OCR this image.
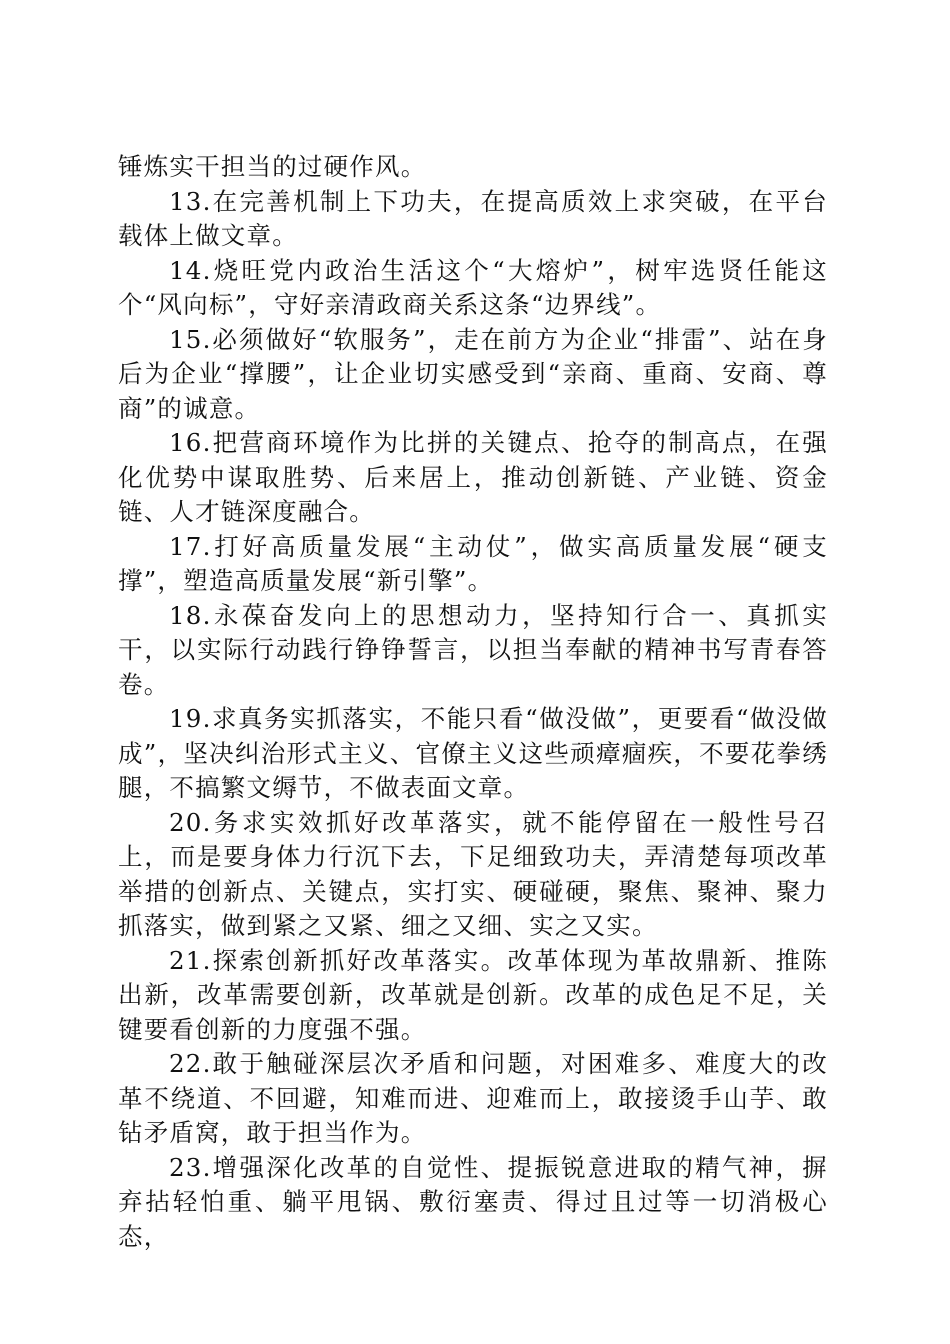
锤炼实干担当的过硬作风。

13.在完善机制上下功夫，在提高质效上求突破，在平台载体上做文章。

14.烧旺党内政治生活这个“大熔炉”，树牢选贤任能这个“风向标”，守好亲清政商关系这条“边界线”。

15.必须做好“软服务”，走在前方为企业“排雷”、站在身后为企业“撑腰”，让企业切实感受到“亲商、重商、安商、尊商”的诚意。

16.把营商环境作为比拼的关键点、抢夺的制高点，在强化优势中谋取胜势、后来居上，推动创新链、产业链、资金链、人才链深度融合。

17.打好高质量发展“主动仗”，做实高质量发展“硬支撑”，塑造高质量发展“新引擎”。

18.永葆奋发向上的思想动力，坚持知行合一、真抓实干，以实际行动践行铮铮誓言，以担当奉献的精神书写青春答卷。

19.求真务实抓落实，不能只看“做没做”，更要看“做没做成”，坚决纠治形式主义、官僚主义这些顽瘴痼疾，不要花拳绣腿，不搞繁文缛节，不做表面文章。

20.务求实效抓好改革落实，就不能停留在一般性号召上，而是要身体力行沉下去，下足细致功夫，弄清楚每项改革举措的创新点、关键点，实打实、硬碰硬，聚焦、聚神、聚力抓落实，做到紧之又紧、细之又细、实之又实。

21.探索创新抓好改革落实。改革体现为革故鼎新、推陈出新，改革需要创新，改革就是创新。改革的成色足不足，关键要看创新的力度强不强。

22.敢于触碰深层次矛盾和问题，对困难多、难度大的改革不绕道、不回避，知难而进、迎难而上，敢接烫手山芋、敢钻矛盾窝，敢于担当作为。

23.增强深化改革的自觉性、提振锐意进取的精气神，摒弃拈轻怕重、躺平甩锅、敷衍塞责、得过且过等一切消极心态，
